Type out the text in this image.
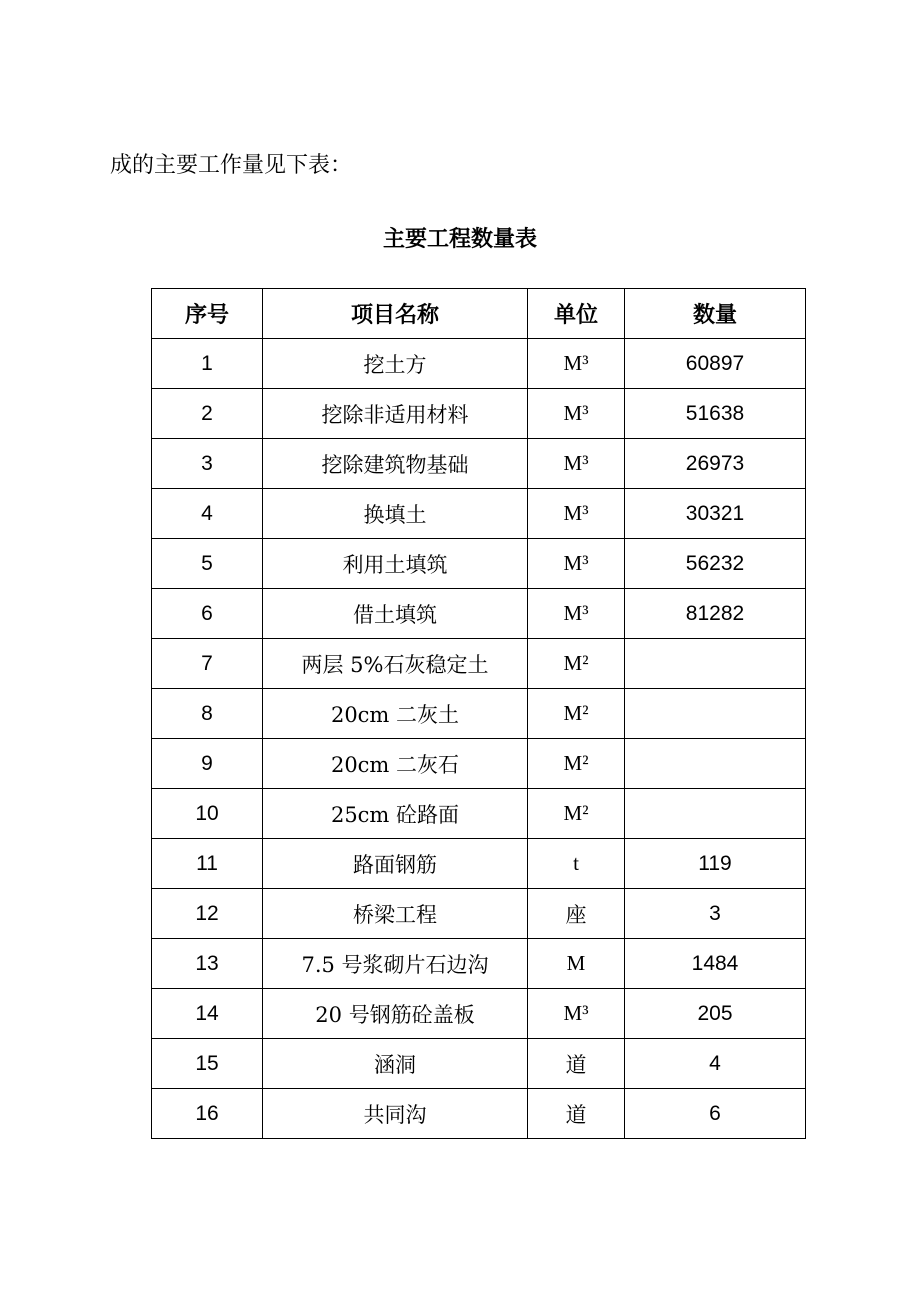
成的主要工作量见下表：
主要工程数量表
序号	项目名称	单位	数量
1	挖土方	M³	60897
2	挖除非适用材料	M³	51638
3	挖除建筑物基础	M³	26973
4	换填土	M³	30321
5	利用土填筑	M³	56232
6	借土填筑	M³	81282
7	两层 5%石灰稳定土	M²	
8	20cm 二灰土	M²	
9	20cm 二灰石	M²	
10	25cm 砼路面	M²	
11	路面钢筋	t	119
12	桥梁工程	座	3
13	7.5 号浆砌片石边沟	M	1484
14	20 号钢筋砼盖板	M³	205
15	涵洞	道	4
16	共同沟	道	6
